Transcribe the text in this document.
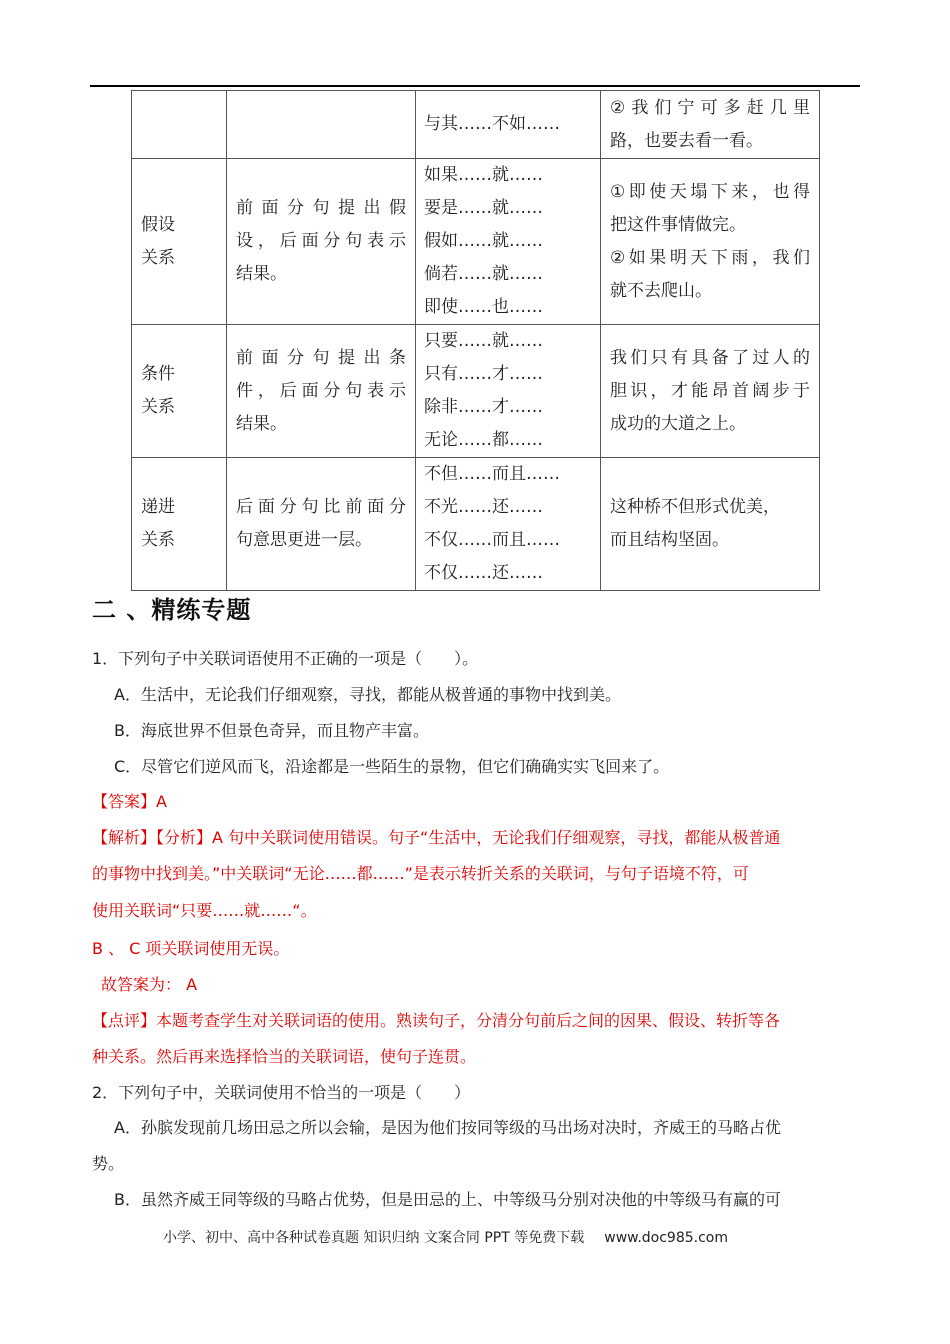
		与其……不如……	②我们宁可多赶几里
路，也要去看一看。

假设
关系	前面分句提出假
设，后面分句表示
结果。	如果……就……
要是……就……
假如……就……
倘若……就……
即使……也……	①即使天塌下来，也得
把这件事情做完。
②如果明天下雨，我们
就不去爬山。

条件
关系	前面分句提出条
件，后面分句表示
结果。	只要……就……
只有……才……
除非……才……
无论……都……	我们只有具备了过人的
胆识，才能昂首阔步于
成功的大道之上。

递进
关系	后面分句比前面分
句意思更进一层。	不但……而且……
不光……还……
不仅……而且……
不仅……还……	这种桥不但形式优美，
而且结构坚固。
二 、精练专题
1．下列句子中关联词语使用不正确的一项是（　　）。
A．生活中，无论我们仔细观察，寻找，都能从极普通的事物中找到美。
B．海底世界不但景色奇异，而且物产丰富。
C．尽管它们逆风而飞，沿途都是一些陌生的景物，但它们确确实实飞回来了。
【答案】A
【解析】【分析】A 句中关联词使用错误。句子“生活中，无论我们仔细观察，寻找，都能从极普通
的事物中找到美。”中关联词“无论……都……”是表示转折关系的关联词，与句子语境不符，可
使用关联词“只要……就……“。
B 、 C 项关联词使用无误。
故答案为： A
【点评】本题考查学生对关联词语的使用。熟读句子，分清分句前后之间的因果、假设、转折等各
种关系。然后再来选择恰当的关联词语，使句子连贯。
2．下列句子中，关联词使用不恰当的一项是（　　）
A．孙膑发现前几场田忌之所以会输，是因为他们按同等级的马出场对决时，齐威王的马略占优
势。
B．虽然齐威王同等级的马略占优势，但是田忌的上、中等级马分别对决他的中等级马有赢的可
小学、初中、高中各种试卷真题 知识归纳 文案合同 PPT 等免费下载 www.doc985.com
